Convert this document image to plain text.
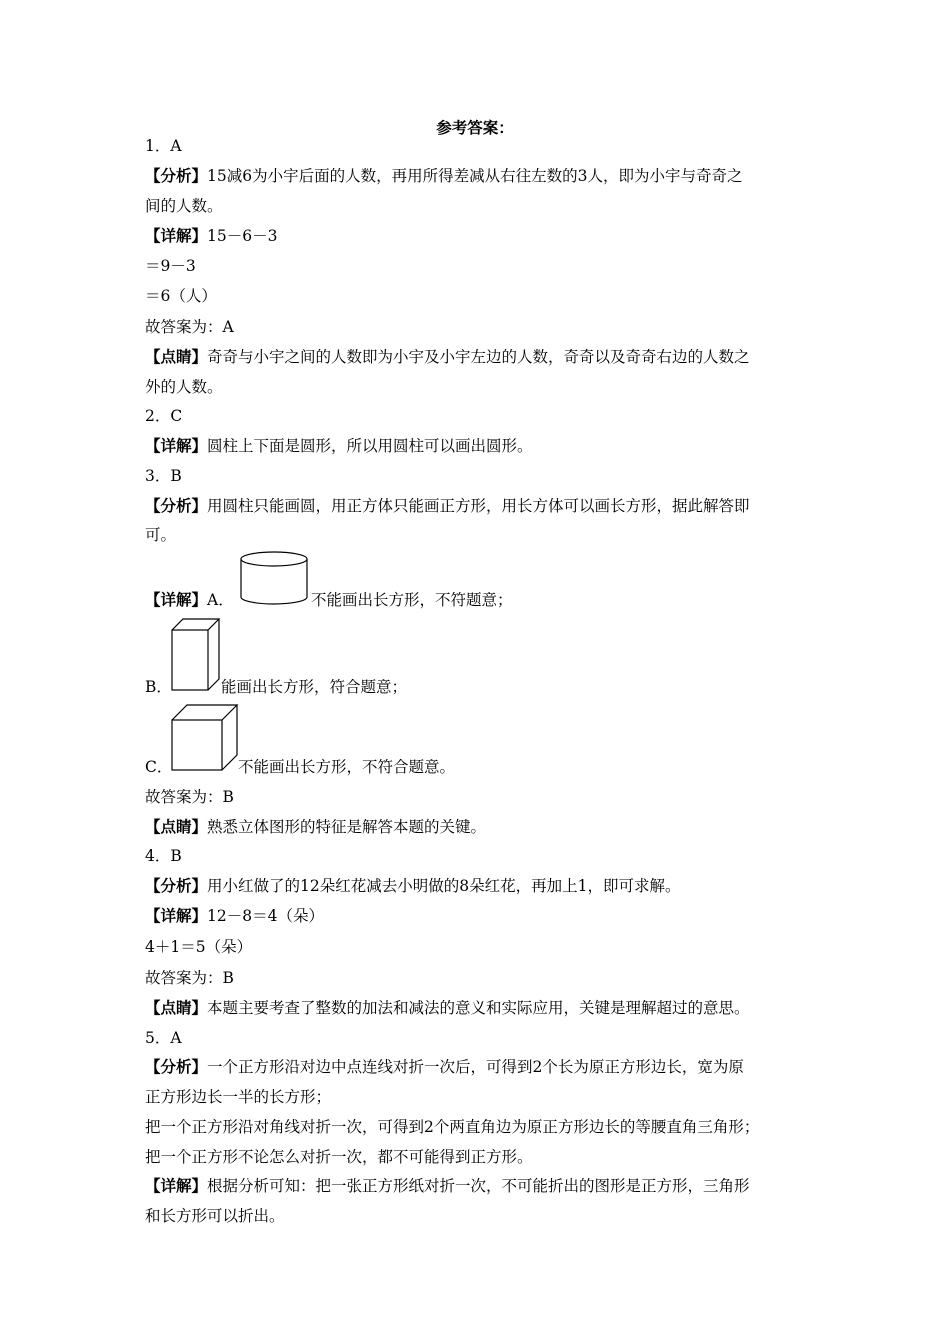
参考答案：
1．A
【分析】15减6为小宇后面的人数，再用所得差减从右往左数的3人，即为小宇与奇奇之
间的人数。
【详解】15－6－3
＝9－3
＝6（人）
故答案为：A
【点睛】奇奇与小宇之间的人数即为小宇及小宇左边的人数，奇奇以及奇奇右边的人数之
外的人数。
2．C
【详解】圆柱上下面是圆形，所以用圆柱可以画出圆形。
3．B
【分析】用圆柱只能画圆，用正方体只能画正方形，用长方体可以画长方形，据此解答即
可。
【详解】A．	不能画出长方形，不符题意；
B．	能画出长方形，符合题意；
C．	不能画出长方形，不符合题意。
故答案为：B
【点睛】熟悉立体图形的特征是解答本题的关键。
4．B
【分析】用小红做了的12朵红花减去小明做的8朵红花，再加上1，即可求解。
【详解】12－8＝4（朵）
4＋1＝5（朵）
故答案为：B
【点睛】本题主要考查了整数的加法和减法的意义和实际应用，关键是理解超过的意思。
5．A
【分析】一个正方形沿对边中点连线对折一次后，可得到2个长为原正方形边长，宽为原
正方形边长一半的长方形；
把一个正方形沿对角线对折一次，可得到2个两直角边为原正方形边长的等腰直角三角形；
把一个正方形不论怎么对折一次，都不可能得到正方形。
【详解】根据分析可知：把一张正方形纸对折一次，不可能折出的图形是正方形，三角形
和长方形可以折出。
